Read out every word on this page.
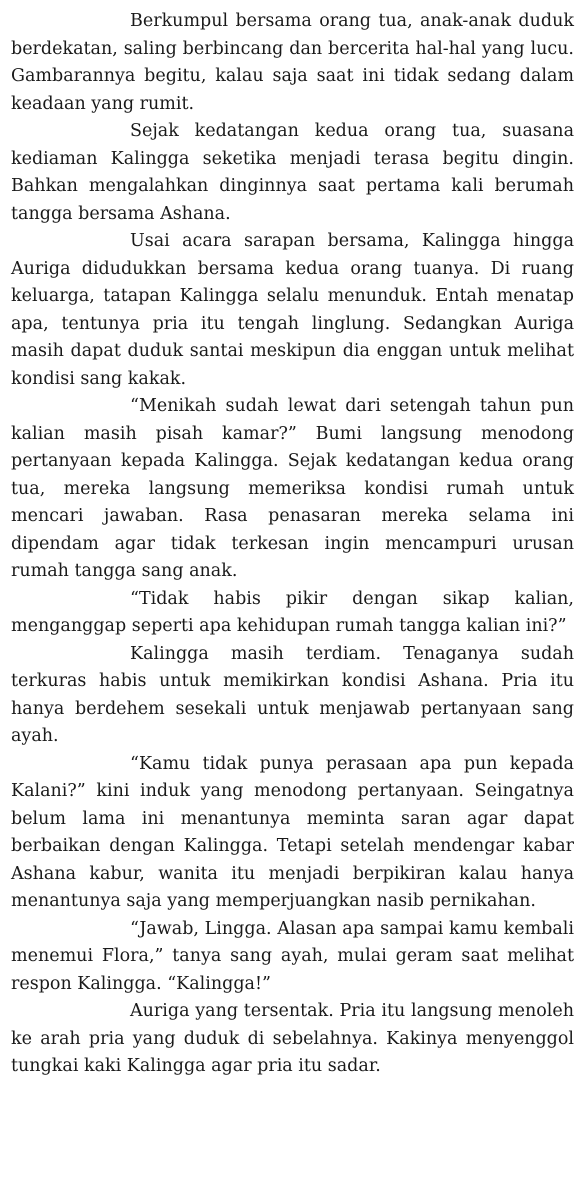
Berkumpul bersama orang tua, anak-anak duduk berdekatan, saling berbincang dan bercerita hal-hal yang lucu. Gambarannya begitu, kalau saja saat ini tidak sedang dalam keadaan yang rumit.

Sejak kedatangan kedua orang tua, suasana kediaman Kalingga seketika menjadi terasa begitu dingin. Bahkan mengalahkan dinginnya saat pertama kali berumah tangga bersama Ashana.

Usai acara sarapan bersama, Kalingga hingga Auriga didudukkan bersama kedua orang tuanya. Di ruang keluarga, tatapan Kalingga selalu menunduk. Entah menatap apa, tentunya pria itu tengah linglung. Sedangkan Auriga masih dapat duduk santai meskipun dia enggan untuk melihat kondisi sang kakak.

“Menikah sudah lewat dari setengah tahun pun kalian masih pisah kamar?” Bumi langsung menodong pertanyaan kepada Kalingga. Sejak kedatangan kedua orang tua, mereka langsung memeriksa kondisi rumah untuk mencari jawaban. Rasa penasaran mereka selama ini dipendam agar tidak terkesan ingin mencampuri urusan rumah tangga sang anak.

“Tidak habis pikir dengan sikap kalian, menganggap seperti apa kehidupan rumah tangga kalian ini?”

Kalingga masih terdiam. Tenaganya sudah terkuras habis untuk memikirkan kondisi Ashana. Pria itu hanya berdehem sesekali untuk menjawab pertanyaan sang ayah.

“Kamu tidak punya perasaan apa pun kepada Kalani?” kini induk yang menodong pertanyaan. Seingatnya belum lama ini menantunya meminta saran agar dapat berbaikan dengan Kalingga. Tetapi setelah mendengar kabar Ashana kabur, wanita itu menjadi berpikiran kalau hanya menantunya saja yang memperjuangkan nasib pernikahan.

“Jawab, Lingga. Alasan apa sampai kamu kembali menemui Flora,” tanya sang ayah, mulai geram saat melihat respon Kalingga. “Kalingga!”

Auriga yang tersentak. Pria itu langsung menoleh ke arah pria yang duduk di sebelahnya. Kakinya menyenggol tungkai kaki Kalingga agar pria itu sadar.
